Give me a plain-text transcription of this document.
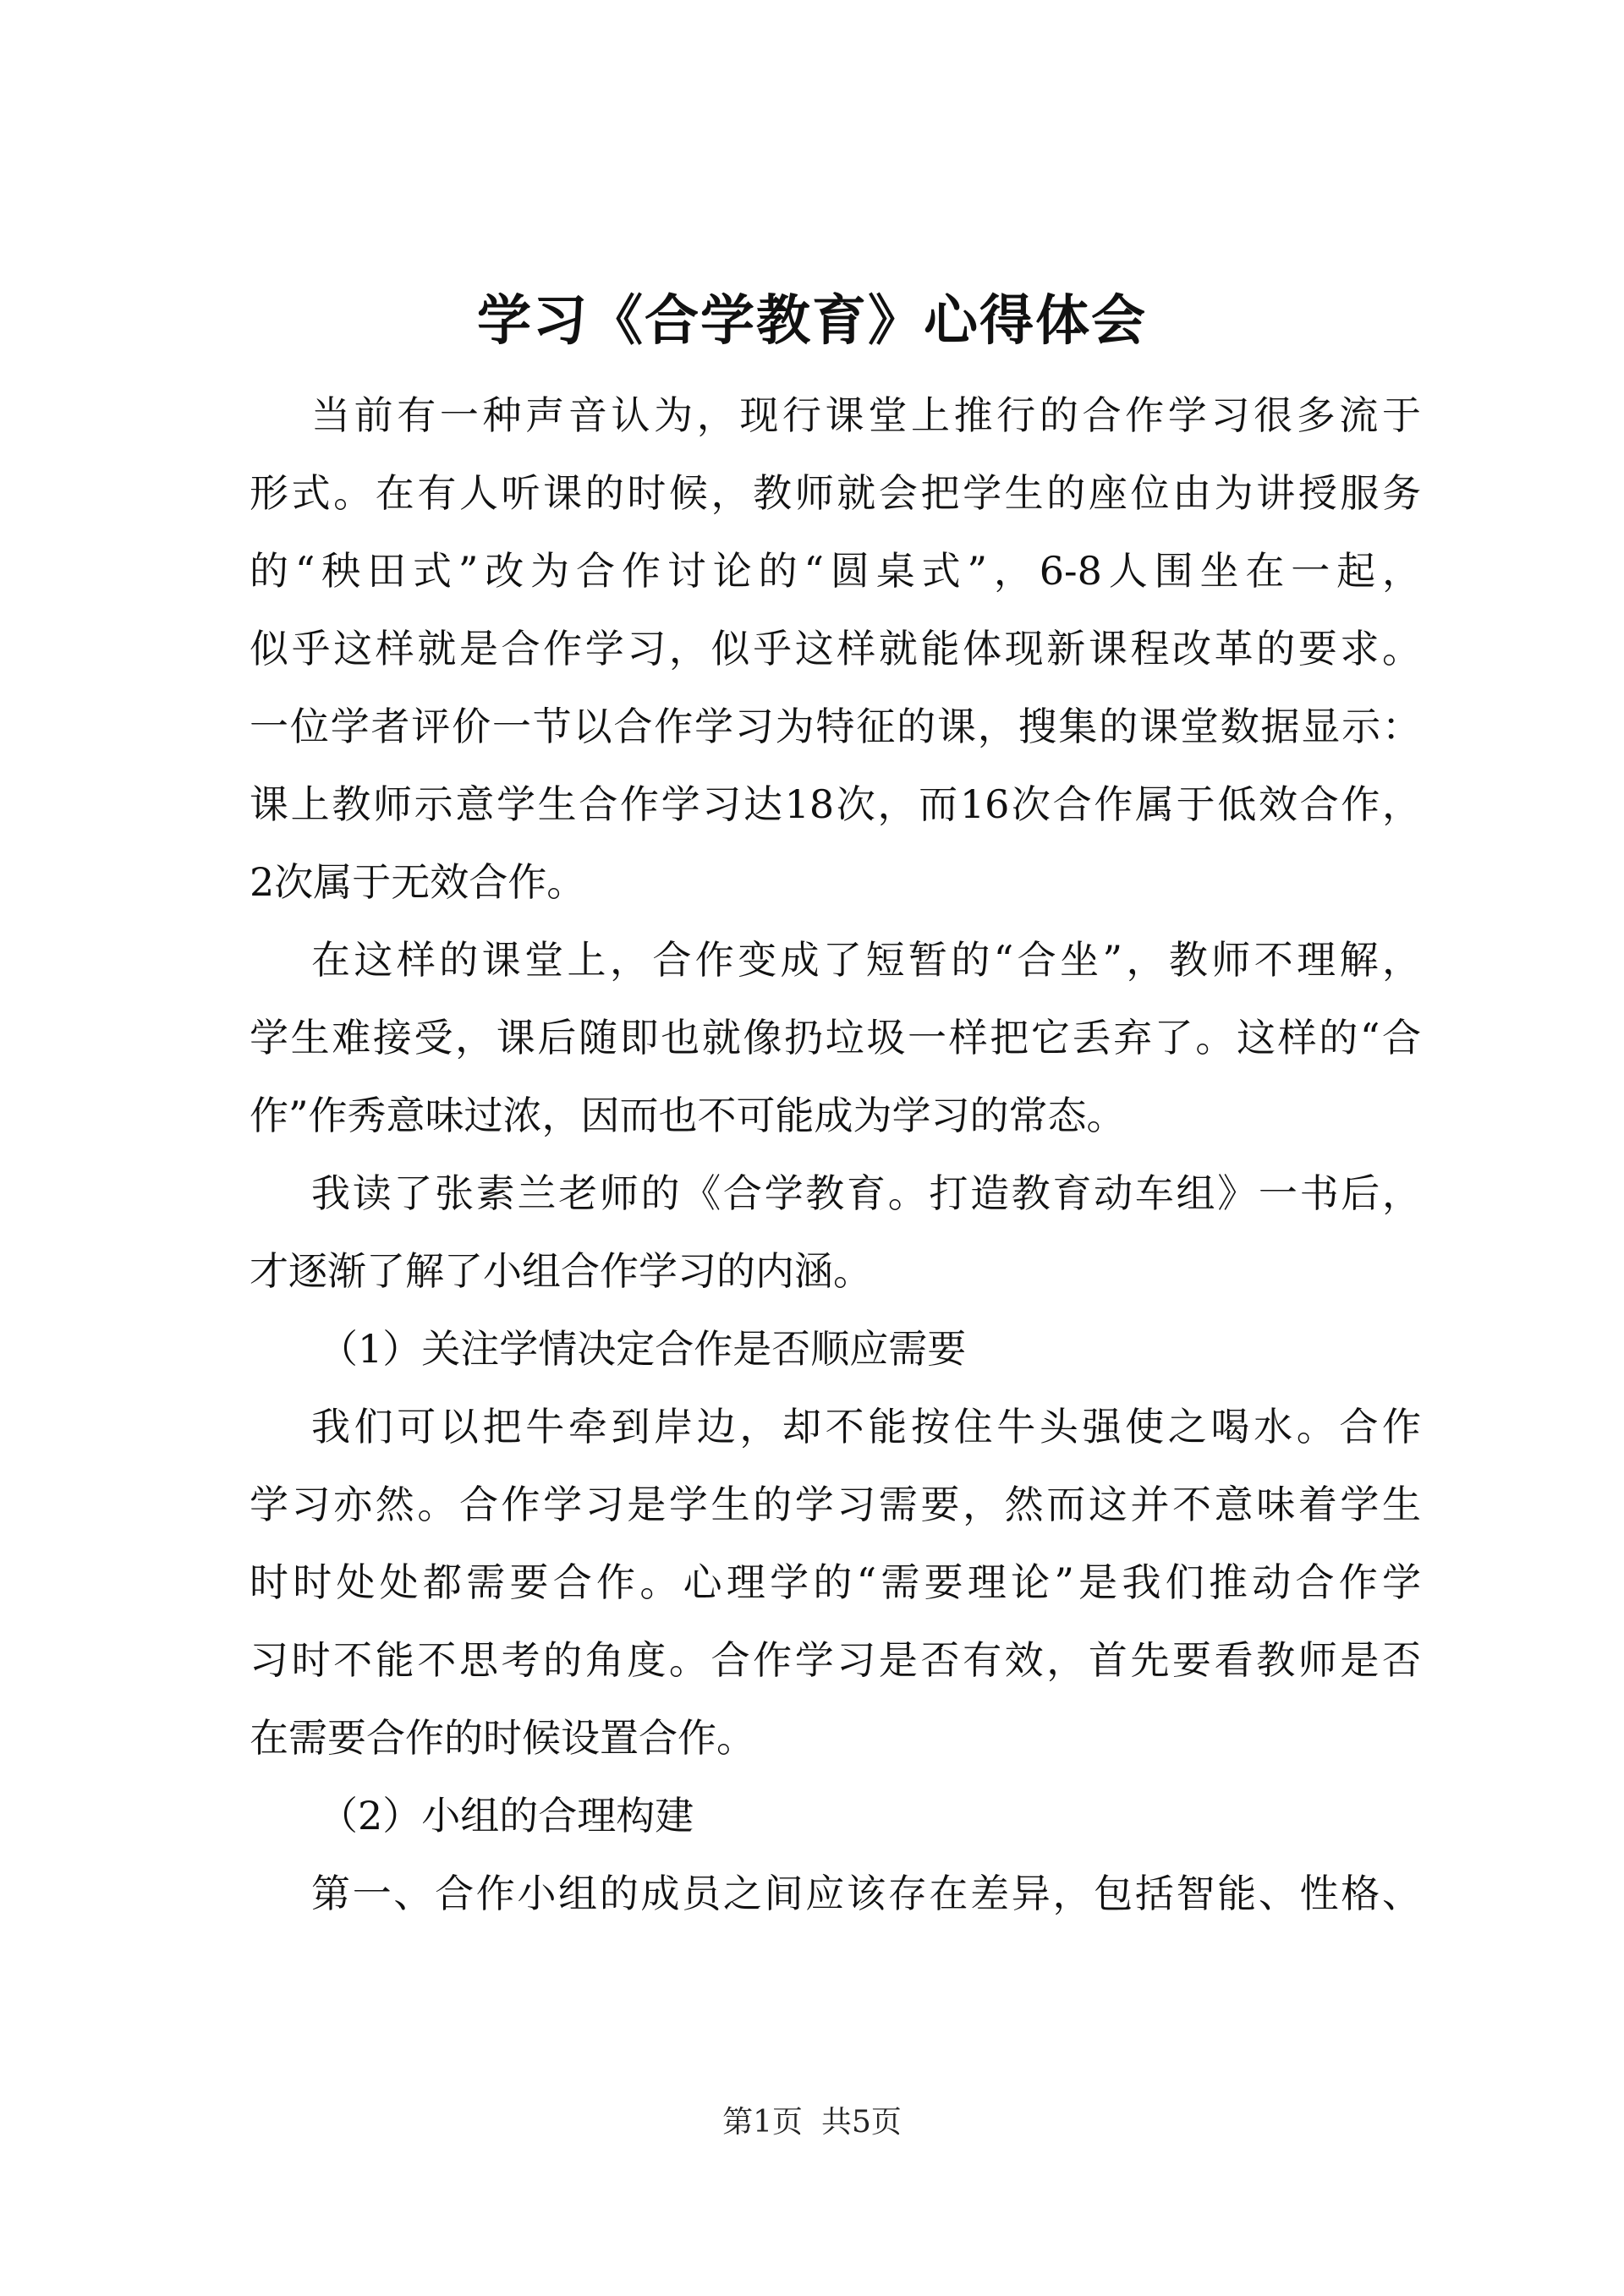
学习《合学教育》心得体会
当前有一种声音认为，现行课堂上推行的合作学习很多流于
形式。在有人听课的时候，教师就会把学生的座位由为讲授服务
的“秧田式”改为合作讨论的“圆桌式”，6-8人围坐在一起，
似乎这样就是合作学习，似乎这样就能体现新课程改革的要求。
一位学者评价一节以合作学习为特征的课，搜集的课堂数据显示：
课上教师示意学生合作学习达18次，而16次合作属于低效合作，
2次属于无效合作。
在这样的课堂上，合作变成了短暂的“合坐”，教师不理解，
学生难接受，课后随即也就像扔垃圾一样把它丢弃了。这样的“合
作”作秀意味过浓，因而也不可能成为学习的常态。
我读了张素兰老师的《合学教育。打造教育动车组》一书后，
才逐渐了解了小组合作学习的内涵。
（1）关注学情决定合作是否顺应需要
我们可以把牛牵到岸边，却不能按住牛头强使之喝水。合作
学习亦然。合作学习是学生的学习需要，然而这并不意味着学生
时时处处都需要合作。心理学的“需要理论”是我们推动合作学
习时不能不思考的角度。合作学习是否有效，首先要看教师是否
在需要合作的时候设置合作。
（2）小组的合理构建
第一、合作小组的成员之间应该存在差异，包括智能、性格、
第1页 共5页
